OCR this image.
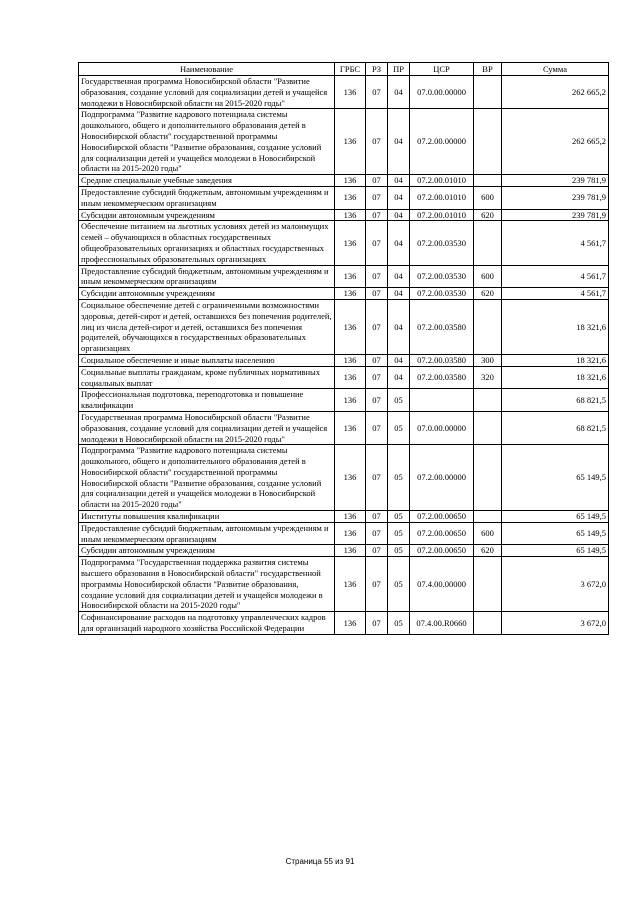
Наименование	ГРБС	РЗ	ПР	ЦСР	ВР	Сумма
Государственная программа Новосибирской области "Развитие образования, создание условий для социализации детей и учащейся молодежи в Новосибирской области на 2015-2020 годы"	136	07	04	07.0.00.00000		262 665,2
Подпрограмма "Развитие кадрового потенциала системы дошкольного, общего и дополнительного образования детей в Новосибирской области" государственной программы Новосибирской области "Развитие образования, создание условий для социализации детей и учащейся молодежи в Новосибирской области на 2015-2020 годы"	136	07	04	07.2.00.00000		262 665,2
Средние специальные учебные заведения	136	07	04	07.2.00.01010		239 781,9
Предоставление субсидий бюджетным, автономным учреждениям и иным некоммерческим организациям	136	07	04	07.2.00.01010	600	239 781,9
Субсидии автономным учреждениям	136	07	04	07.2.00.01010	620	239 781,9
Обеспечение питанием на льготных условиях детей из малоимущих семей – обучающихся в областных государственных общеобразовательных организациях и областных государственных профессиональных образовательных организациях	136	07	04	07.2.00.03530		4 561,7
Предоставление субсидий бюджетным, автономным учреждениям и иным некоммерческим организациям	136	07	04	07.2.00.03530	600	4 561,7
Субсидии автономным учреждениям	136	07	04	07.2.00.03530	620	4 561,7
Социальное обеспечение детей с ограниченными возможностями здоровья, детей-сирот и детей, оставшихся без попечения родителей, лиц из числа детей-сирот и детей, оставшихся без попечения родителей, обучающихся в государственных образовательных организациях	136	07	04	07.2.00.03580		18 321,6
Социальное обеспечение и иные выплаты населению	136	07	04	07.2.00.03580	300	18 321,6
Социальные выплаты гражданам, кроме публичных нормативных социальных выплат	136	07	04	07.2.00.03580	320	18 321,6
Профессиональная подготовка, переподготовка и повышение квалификации	136	07	05			68 821,5
Государственная программа Новосибирской области "Развитие образования, создание условий для социализации детей и учащейся молодежи в Новосибирской области на 2015-2020 годы"	136	07	05	07.0.00.00000		68 821,5
Подпрограмма "Развитие кадрового потенциала системы дошкольного, общего и дополнительного образования детей в Новосибирской области" государственной программы Новосибирской области "Развитие образования, создание условий для социализации детей и учащейся молодежи в Новосибирской области на 2015-2020 годы"	136	07	05	07.2.00.00000		65 149,5
Институты повышения квалификации	136	07	05	07.2.00.00650		65 149,5
Предоставление субсидий бюджетным, автономным учреждениям и иным некоммерческим организациям	136	07	05	07.2.00.00650	600	65 149,5
Субсидии автономным учреждениям	136	07	05	07.2.00.00650	620	65 149,5
Подпрограмма "Государственная поддержка развития системы высшего образования в Новосибирской области" государственной программы Новосибирской области "Развитие образования, создание условий для социализации детей и учащейся молодежи в Новосибирской области на 2015-2020 годы"	136	07	05	07.4.00.00000		3 672,0
Софинансирование расходов на подготовку управленческих кадров для организаций народного хозяйства Российской Федерации	136	07	05	07.4.00.R0660		3 672,0
Страница 55 из 91
